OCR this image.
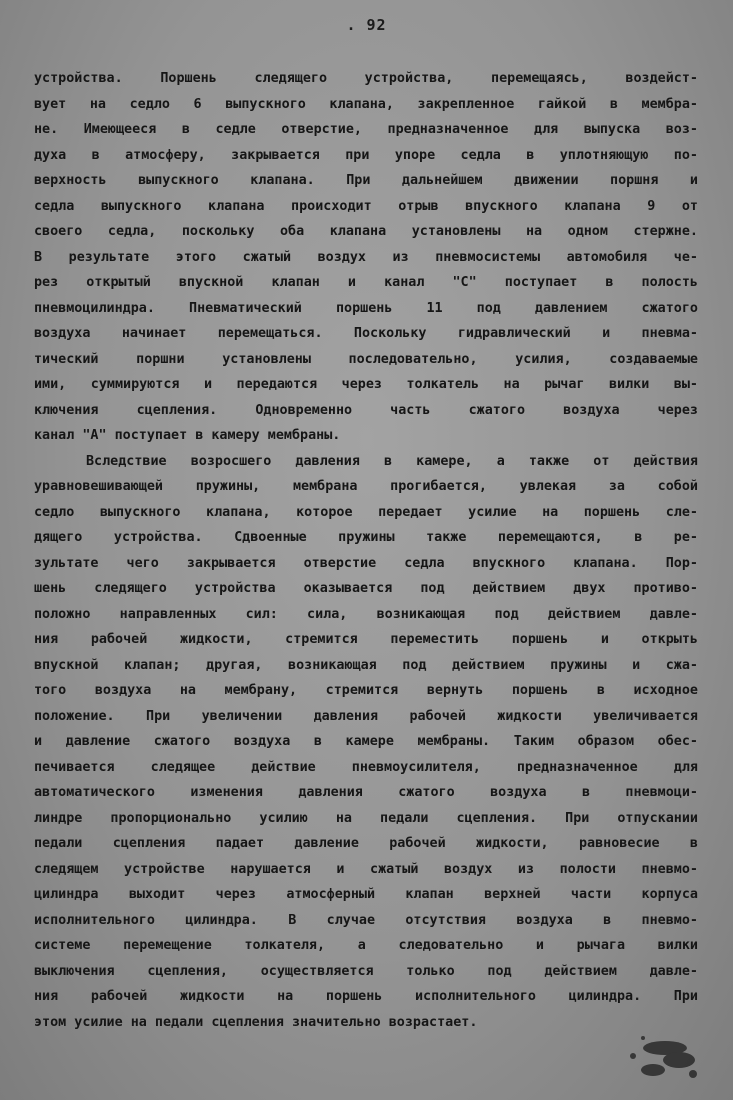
. 92
устройства. Поршень следящего устройства, перемещаясь, воздейст-
вует на седло 6 выпускного клапана, закрепленное гайкой в мембра-
не. Имеющееся в седле отверстие, предназначенное для выпуска воз-
духа в атмосферу, закрывается при упоре седла в уплотняющую по-
верхность выпускного клапана. При дальнейшем движении поршня и
седла выпускного клапана происходит отрыв впускного клапана 9 от
своего седла, поскольку оба клапана установлены на одном стержне.
В результате этого сжатый воздух из пневмосистемы автомобиля че-
рез открытый впускной клапан и канал "С" поступает в полость
пневмоцилиндра. Пневматический поршень 11 под давлением сжатого
воздуха начинает перемещаться. Поскольку гидравлический и пневма-
тический поршни установлены последовательно, усилия, создаваемые
ими, суммируются и передаются через толкатель на рычаг вилки вы-
ключения сцепления. Одновременно часть сжатого воздуха через
канал "А" поступает в камеру мембраны.
Вследствие возросшего давления в камере, а также от действия
уравновешивающей пружины, мембрана прогибается, увлекая за собой
седло выпускного клапана, которое передает усилие на поршень сле-
дящего устройства. Сдвоенные пружины также перемещаются, в ре-
зультате чего закрывается отверстие седла впускного клапана. Пор-
шень следящего устройства оказывается под действием двух противо-
положно направленных сил: сила, возникающая под действием давле-
ния рабочей жидкости, стремится переместить поршень и открыть
впускной клапан; другая, возникающая под действием пружины и сжа-
того воздуха на мембрану, стремится вернуть поршень в исходное
положение. При увеличении давления рабочей жидкости увеличивается
и давление сжатого воздуха в камере мембраны. Таким образом обес-
печивается следящее действие пневмоусилителя, предназначенное для
автоматического изменения давления сжатого воздуха в пневмоци-
линдре пропорционально усилию на педали сцепления. При отпускании
педали сцепления падает давление рабочей жидкости, равновесие в
следящем устройстве нарушается и сжатый воздух из полости пневмо-
цилиндра выходит через атмосферный клапан верхней части корпуса
исполнительного цилиндра. В случае отсутствия воздуха в пневмо-
системе перемещение толкателя, а следовательно и рычага вилки
выключения сцепления, осуществляется только под действием давле-
ния рабочей жидкости на поршень исполнительного цилиндра. При
этом усилие на педали сцепления значительно возрастает.
